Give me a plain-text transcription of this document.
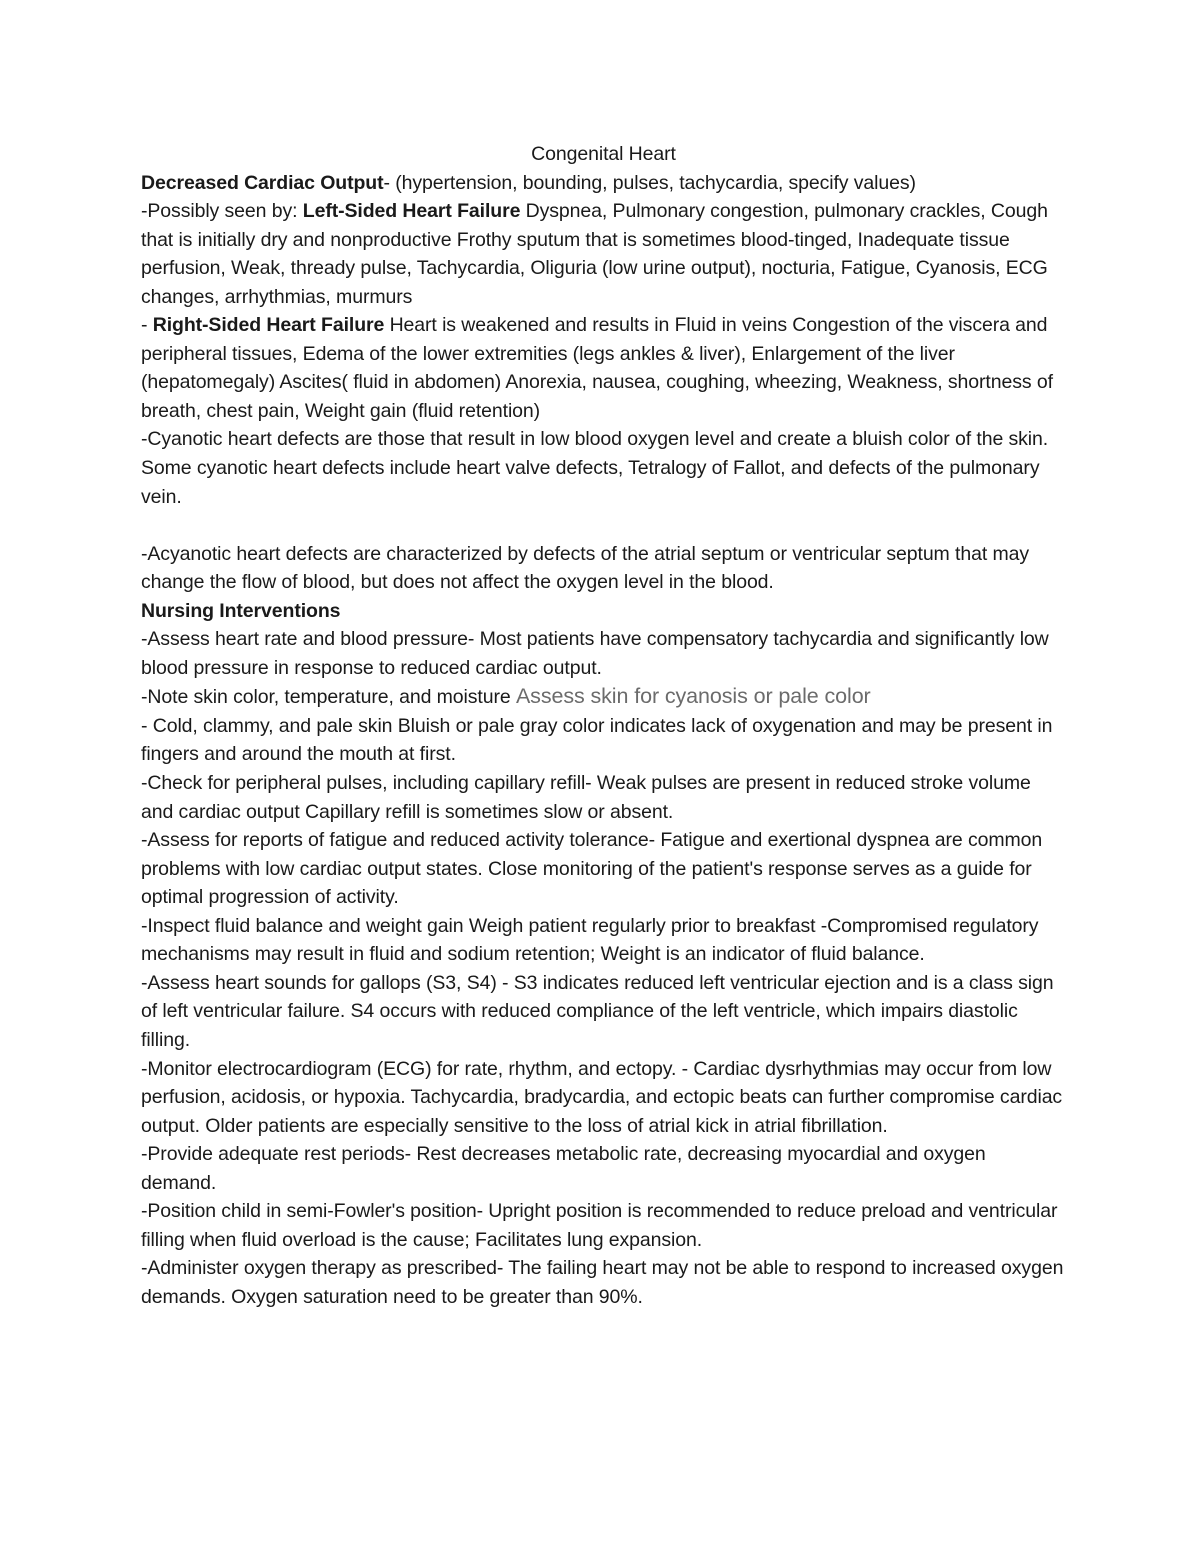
Congenital Heart

Decreased Cardiac Output- (hypertension, bounding, pulses, tachycardia, specify values)

-Possibly seen by: Left-Sided Heart Failure Dyspnea, Pulmonary congestion, pulmonary crackles, Cough that is initially dry and nonproductive Frothy sputum that is sometimes blood-tinged, Inadequate tissue perfusion, Weak, thready pulse, Tachycardia, Oliguria (low urine output), nocturia, Fatigue, Cyanosis, ECG changes, arrhythmias, murmurs

- Right-Sided Heart Failure Heart is weakened and results in Fluid in veins Congestion of the viscera and peripheral tissues, Edema of the lower extremities (legs ankles & liver), Enlargement of the liver (hepatomegaly) Ascites( fluid in abdomen) Anorexia, nausea, coughing, wheezing, Weakness, shortness of breath, chest pain, Weight gain (fluid retention)

-Cyanotic heart defects are those that result in low blood oxygen level and create a bluish color of the skin. Some cyanotic heart defects include heart valve defects, Tetralogy of Fallot, and defects of the pulmonary vein.

-Acyanotic heart defects are characterized by defects of the atrial septum or ventricular septum that may change the flow of blood, but does not affect the oxygen level in the blood.

Nursing Interventions

-Assess heart rate and blood pressure- Most patients have compensatory tachycardia and significantly low blood pressure in response to reduced cardiac output.

-Note skin color, temperature, and moisture Assess skin for cyanosis or pale color

- Cold, clammy, and pale skin Bluish or pale gray color indicates lack of oxygenation and may be present in fingers and around the mouth at first.

-Check for peripheral pulses, including capillary refill- Weak pulses are present in reduced stroke volume and cardiac output Capillary refill is sometimes slow or absent.

-Assess for reports of fatigue and reduced activity tolerance- Fatigue and exertional dyspnea are common problems with low cardiac output states. Close monitoring of the patient's response serves as a guide for optimal progression of activity.

-Inspect fluid balance and weight gain Weigh patient regularly prior to breakfast -Compromised regulatory mechanisms may result in fluid and sodium retention; Weight is an indicator of fluid balance.

-Assess heart sounds for gallops (S3, S4) - S3 indicates reduced left ventricular ejection and is a class sign of left ventricular failure. S4 occurs with reduced compliance of the left ventricle, which impairs diastolic filling.

-Monitor electrocardiogram (ECG) for rate, rhythm, and ectopy. - Cardiac dysrhythmias may occur from low perfusion, acidosis, or hypoxia. Tachycardia, bradycardia, and ectopic beats can further compromise cardiac output. Older patients are especially sensitive to the loss of atrial kick in atrial fibrillation.

-Provide adequate rest periods- Rest decreases metabolic rate, decreasing myocardial and oxygen demand.

-Position child in semi-Fowler's position- Upright position is recommended to reduce preload and ventricular filling when fluid overload is the cause; Facilitates lung expansion.

-Administer oxygen therapy as prescribed- The failing heart may not be able to respond to increased oxygen demands. Oxygen saturation need to be greater than 90%.
